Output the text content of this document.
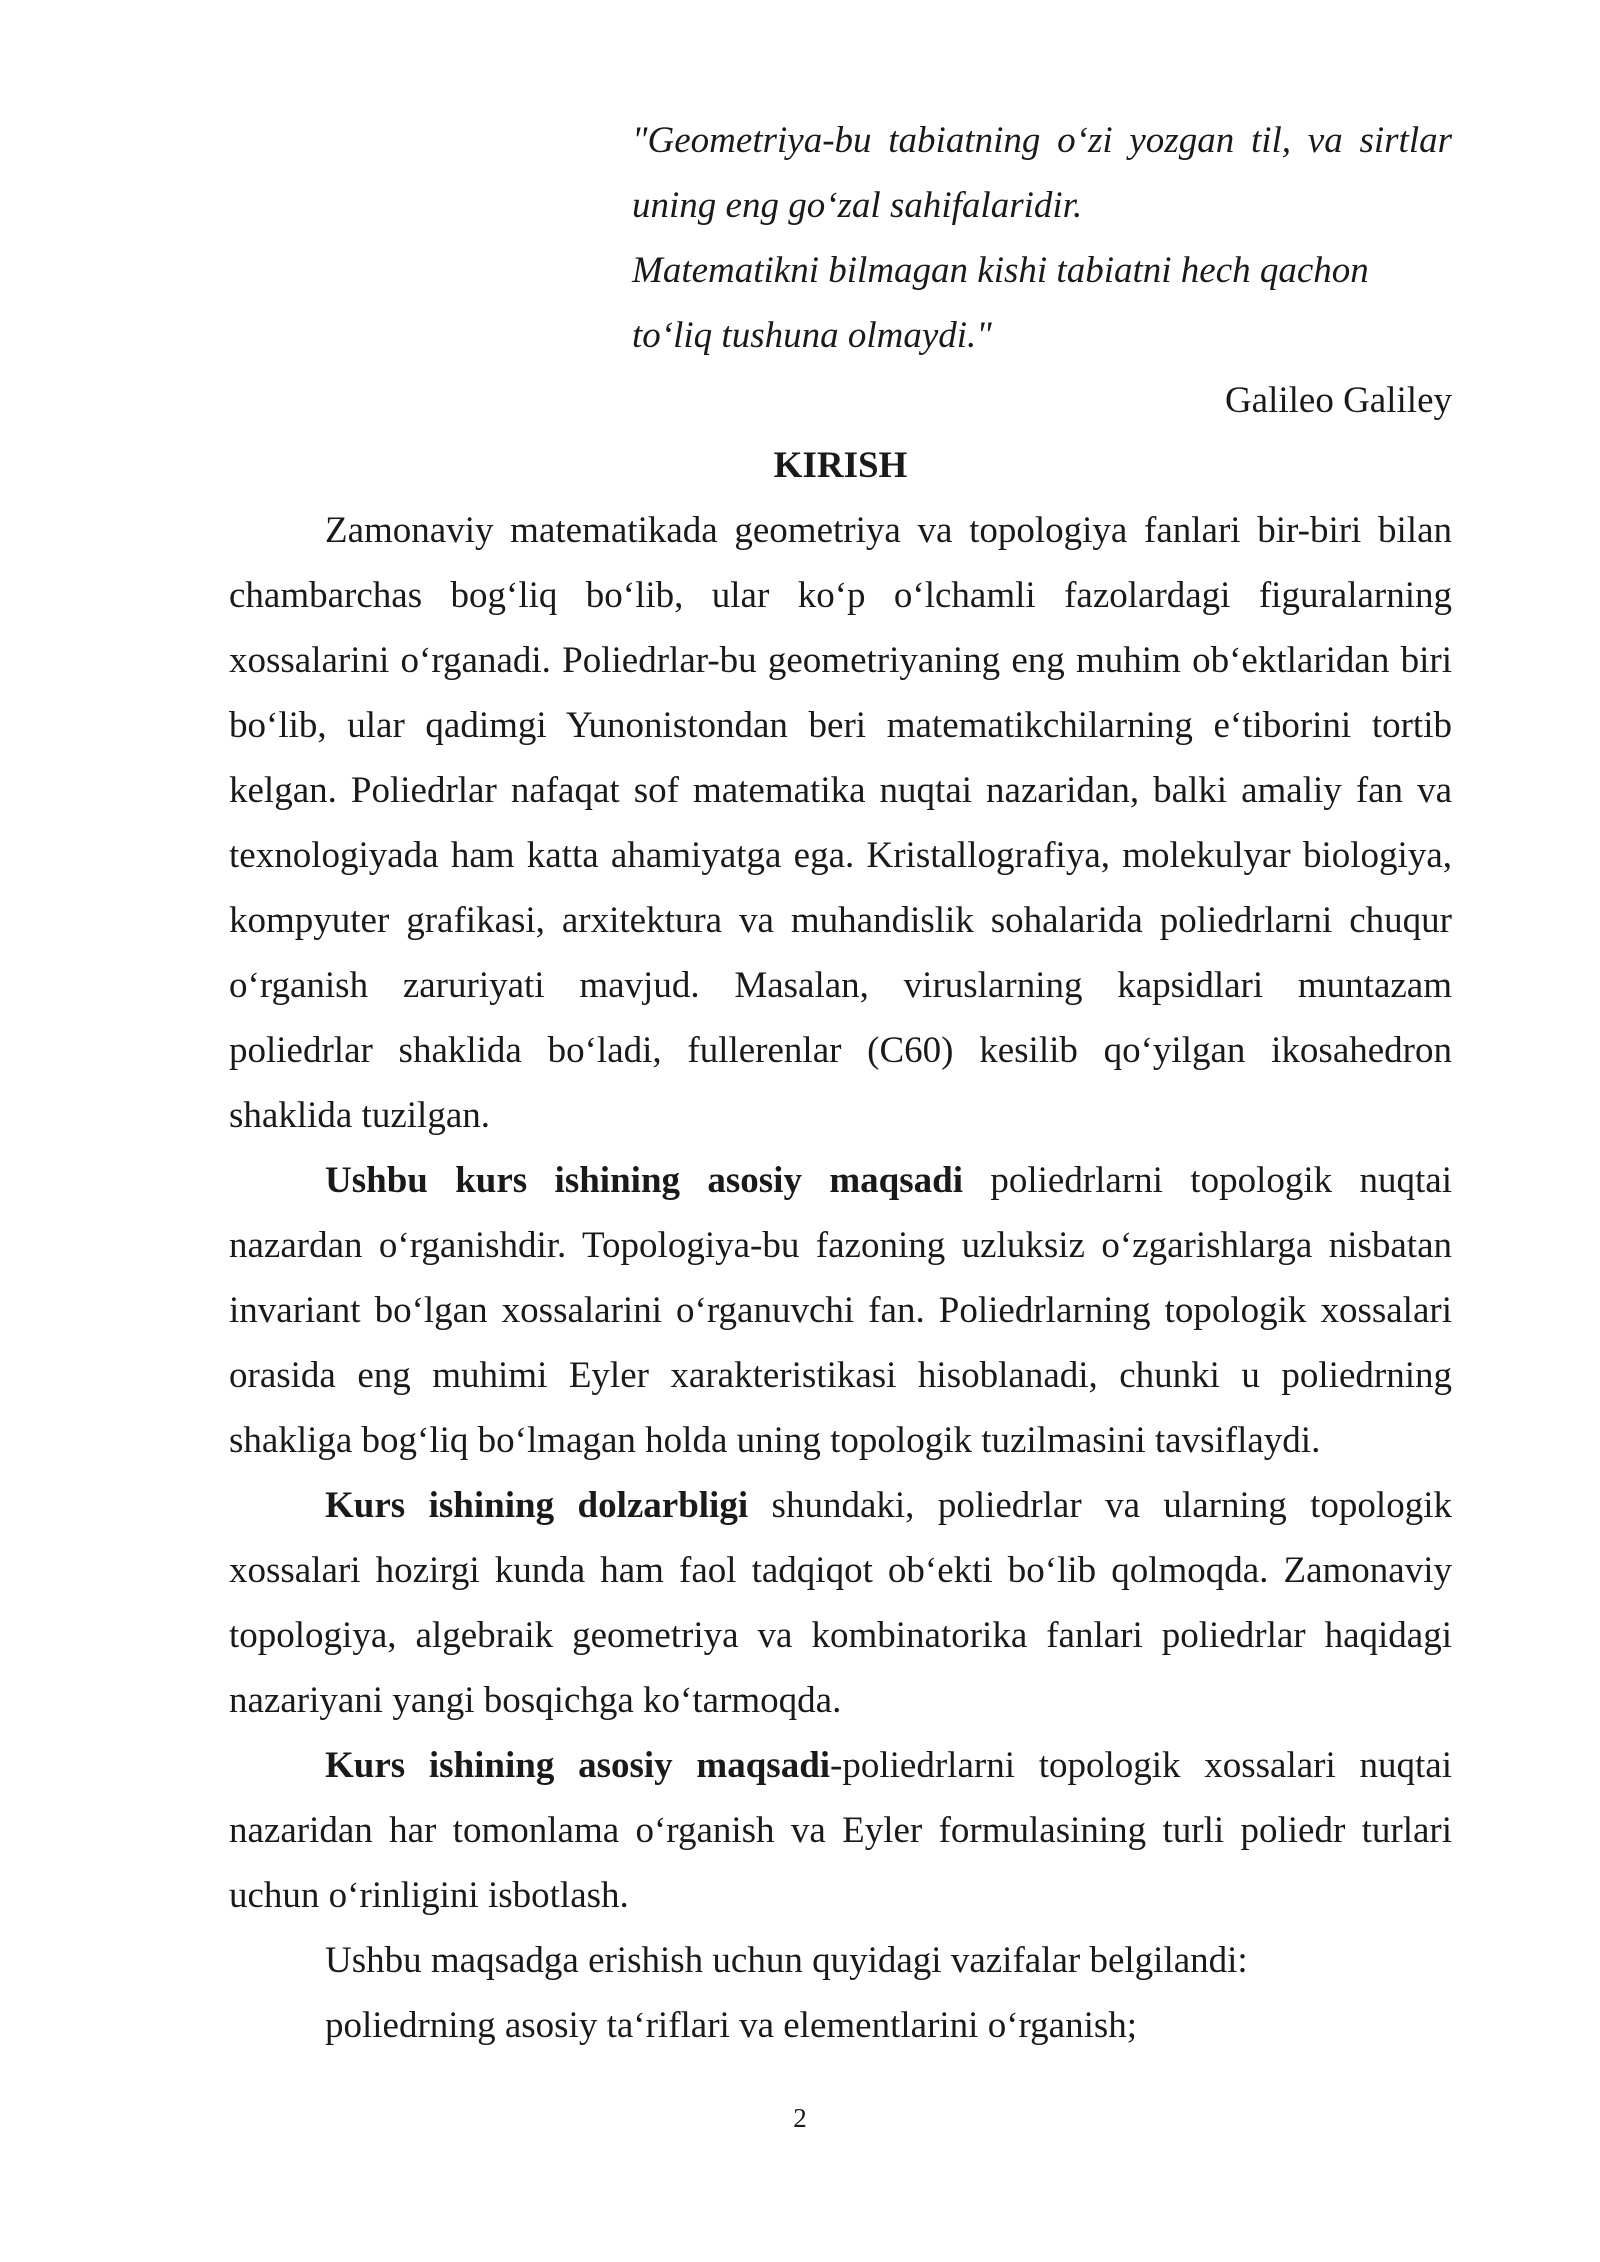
"Geometriya-bu tabiatning o‘zi yozgan til, va sirtlar
uning eng go‘zal sahifalaridir.
Matematikni bilmagan kishi tabiatni hech qachon
to‘liq tushuna olmaydi."
Galileo Galiley
KIRISH

Zamonaviy matematikada geometriya va topologiya fanlari bir-biri bilan chambarchas bog‘liq bo‘lib, ular ko‘p o‘lchamli fazolardagi figuralarning xossalarini o‘rganadi. Poliedrlar-bu geometriyaning eng muhim ob‘ektlaridan biri bo‘lib, ular qadimgi Yunonistondan beri matematikchilarning e‘tiborini tortib kelgan. Poliedrlar nafaqat sof matematika nuqtai nazaridan, balki amaliy fan va texnologiyada ham katta ahamiyatga ega. Kristallografiya, molekulyar biologiya, kompyuter grafikasi, arxitektura va muhandislik sohalarida poliedrlarni chuqur o‘rganish zaruriyati mavjud. Masalan, viruslarning kapsidlari muntazam poliedrlar shaklida bo‘ladi, fullerenlar (C60) kesilib qo‘yilgan ikosahedron shaklida tuzilgan.

Ushbu kurs ishining asosiy maqsadi poliedrlarni topologik nuqtai nazardan o‘rganishdir. Topologiya-bu fazoning uzluksiz o‘zgarishlarga nisbatan invariant bo‘lgan xossalarini o‘rganuvchi fan. Poliedrlarning topologik xossalari orasida eng muhimi Eyler xarakteristikasi hisoblanadi, chunki u poliedrning shakliga bog‘liq bo‘lmagan holda uning topologik tuzilmasini tavsiflaydi.

Kurs ishining dolzarbligi shundaki, poliedrlar va ularning topologik xossalari hozirgi kunda ham faol tadqiqot ob‘ekti bo‘lib qolmoqda. Zamonaviy topologiya, algebraik geometriya va kombinatorika fanlari poliedrlar haqidagi nazariyani yangi bosqichga ko‘tarmoqda.

Kurs ishining asosiy maqsadi-poliedrlarni topologik xossalari nuqtai nazaridan har tomonlama o‘rganish va Eyler formulasining turli poliedr turlari uchun o‘rinligini isbotlash.

Ushbu maqsadga erishish uchun quyidagi vazifalar belgilandi:

poliedrning asosiy ta‘riflari va elementlarini o‘rganish;

2
